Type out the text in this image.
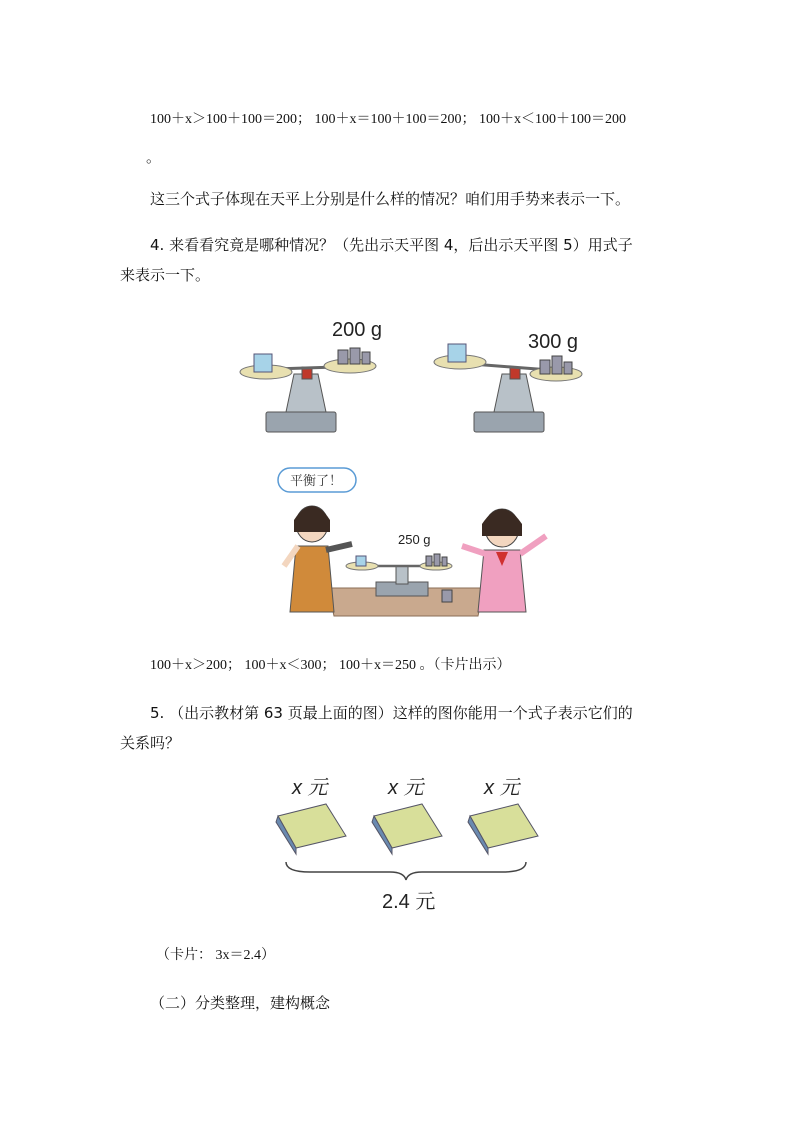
100＋x＞100＋100＝200； 100＋x＝100＋100＝200； 100＋x＜100＋100＝200
。
这三个式子体现在天平上分别是什么样的情况？咱们用手势来表示一下。
4. 来看看究竟是哪种情况？（先出示天平图 4，后出示天平图 5）用式子
来表示一下。
200 g
300 g
平衡了！
250 g
100＋x＞200； 100＋x＜300； 100＋x＝250 。（卡片出示）
5. （出示教材第 63 页最上面的图）这样的图你能用一个式子表示它们的
关系吗？
x 元	x 元	x 元
2.4 元
（卡片： 3x＝2.4）
（二）分类整理，建构概念
